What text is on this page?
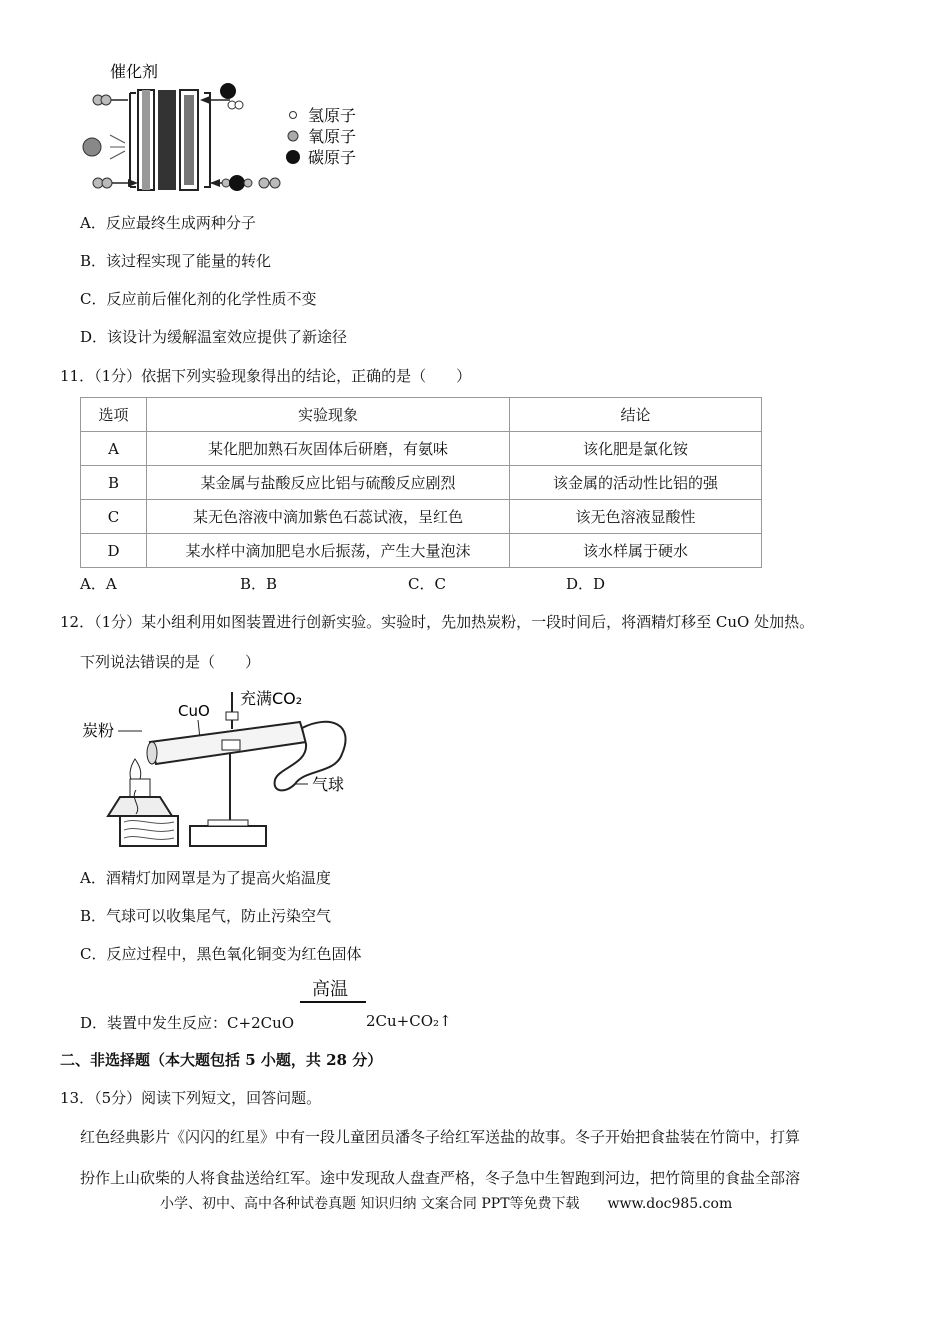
催化剂
氢原子
氧原子
碳原子
A．反应最终生成两种分子
B．该过程实现了能量的转化
C．反应前后催化剂的化学性质不变
D．该设计为缓解温室效应提供了新途径
11．（1分）依据下列实验现象得出的结论，正确的是（　　）
选项	实验现象	结论
A	某化肥加熟石灰固体后研磨，有氨味	该化肥是氯化铵
B	某金属与盐酸反应比铝与硫酸反应剧烈	该金属的活动性比铝的强
C	某无色溶液中滴加紫色石蕊试液，呈红色	该无色溶液显酸性
D	某水样中滴加肥皂水后振荡，产生大量泡沫	该水样属于硬水
A．A	B．B	C．C	D．D
12．（1分）某小组利用如图装置进行创新实验。实验时，先加热炭粉，一段时间后，将酒精灯移至 CuO 处加热。
下列说法错误的是（　　）
CuO
充满CO₂
炭粉
气球
A．酒精灯加网罩是为了提高火焰温度
B．气球可以收集尾气，防止污染空气
C．反应过程中，黑色氧化铜变为红色固体
高温
D．装置中发生反应：C+2CuO	2Cu+CO₂↑
二、非选择题（本大题包括 5 小题，共 28 分）
13．（5分）阅读下列短文，回答问题。
红色经典影片《闪闪的红星》中有一段儿童团员潘冬子给红军送盐的故事。冬子开始把食盐装在竹筒中，打算
扮作上山砍柴的人将食盐送给红军。途中发现敌人盘查严格，冬子急中生智跑到河边，把竹筒里的食盐全部溶
小学、初中、高中各种试卷真题 知识归纳 文案合同 PPT等免费下载　　www.doc985.com
